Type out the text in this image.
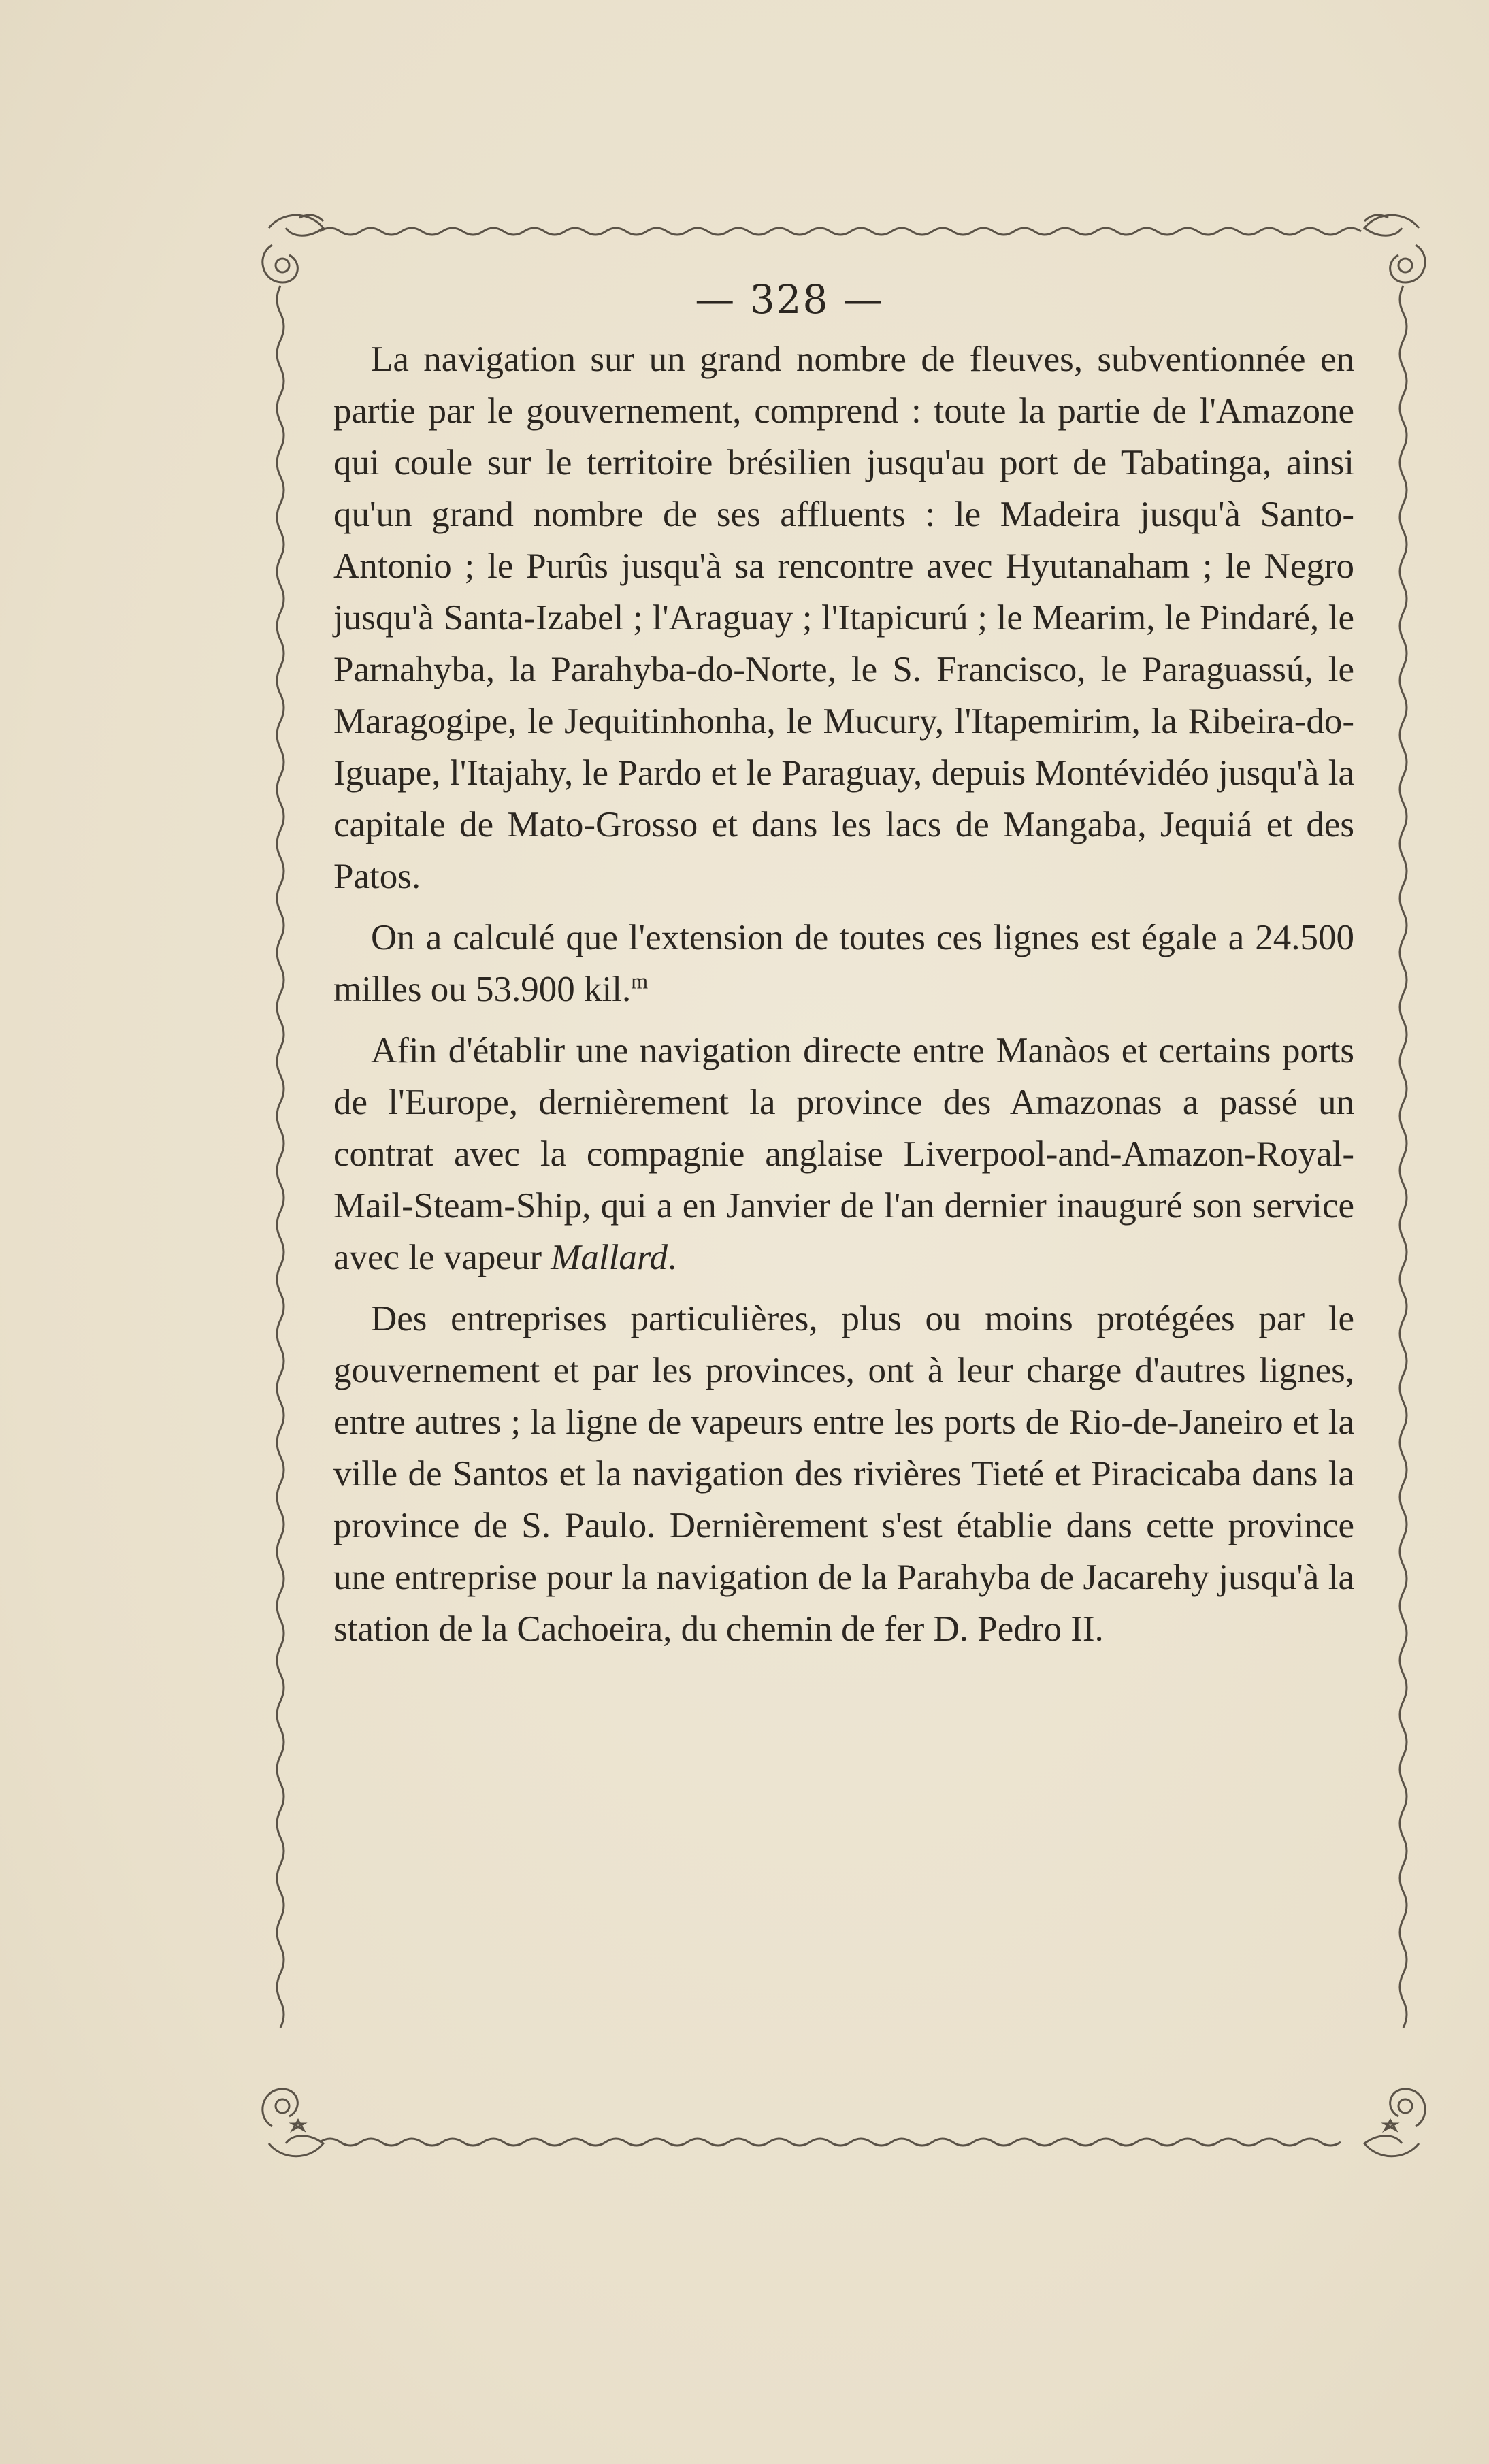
— 328 —

La navigation sur un grand nombre de fleuves, subventionnée en partie par le gouvernement, comprend : toute la partie de l'Amazone qui coule sur le territoire brésilien jusqu'au port de Tabatinga, ainsi qu'un grand nombre de ses affluents : le Madeira jusqu'à Santo-Antonio ; le Purûs jusqu'à sa rencontre avec Hyutanaham ; le Negro jusqu'à Santa-Izabel ; l'Araguay ; l'Itapicurú ; le Mearim, le Pindaré, le Parnahyba, la Parahyba-do-Norte, le S. Francisco, le Paraguassú, le Maragogipe, le Jequitinhonha, le Mucury, l'Itapemirim, la Ribeira-do-Iguape, l'Itajahy, le Pardo et le Paraguay, depuis Montévidéo jusqu'à la capitale de Mato-Grosso et dans les lacs de Mangaba, Jequiá et des Patos.

On a calculé que l'extension de toutes ces lignes est égale a 24.500 milles ou 53.900 kil.$^m$

Afin d'établir une navigation directe entre Manàos et certains ports de l'Europe, dernièrement la province des Amazonas a passé un contrat avec la compagnie anglaise Liverpool-and-Amazon-Royal-Mail-Steam-Ship, qui a en Janvier de l'an dernier inauguré son service avec le vapeur Mallard.

Des entreprises particulières, plus ou moins protégées par le gouvernement et par les provinces, ont à leur charge d'autres lignes, entre autres ; la ligne de vapeurs entre les ports de Rio-de-Janeiro et la ville de Santos et la navigation des rivières Tieté et Piracicaba dans la province de S. Paulo. Dernièrement s'est établie dans cette province une entreprise pour la navigation de la Parahyba de Jacarehy jusqu'à la station de la Cachoeira, du chemin de fer D. Pedro II.
